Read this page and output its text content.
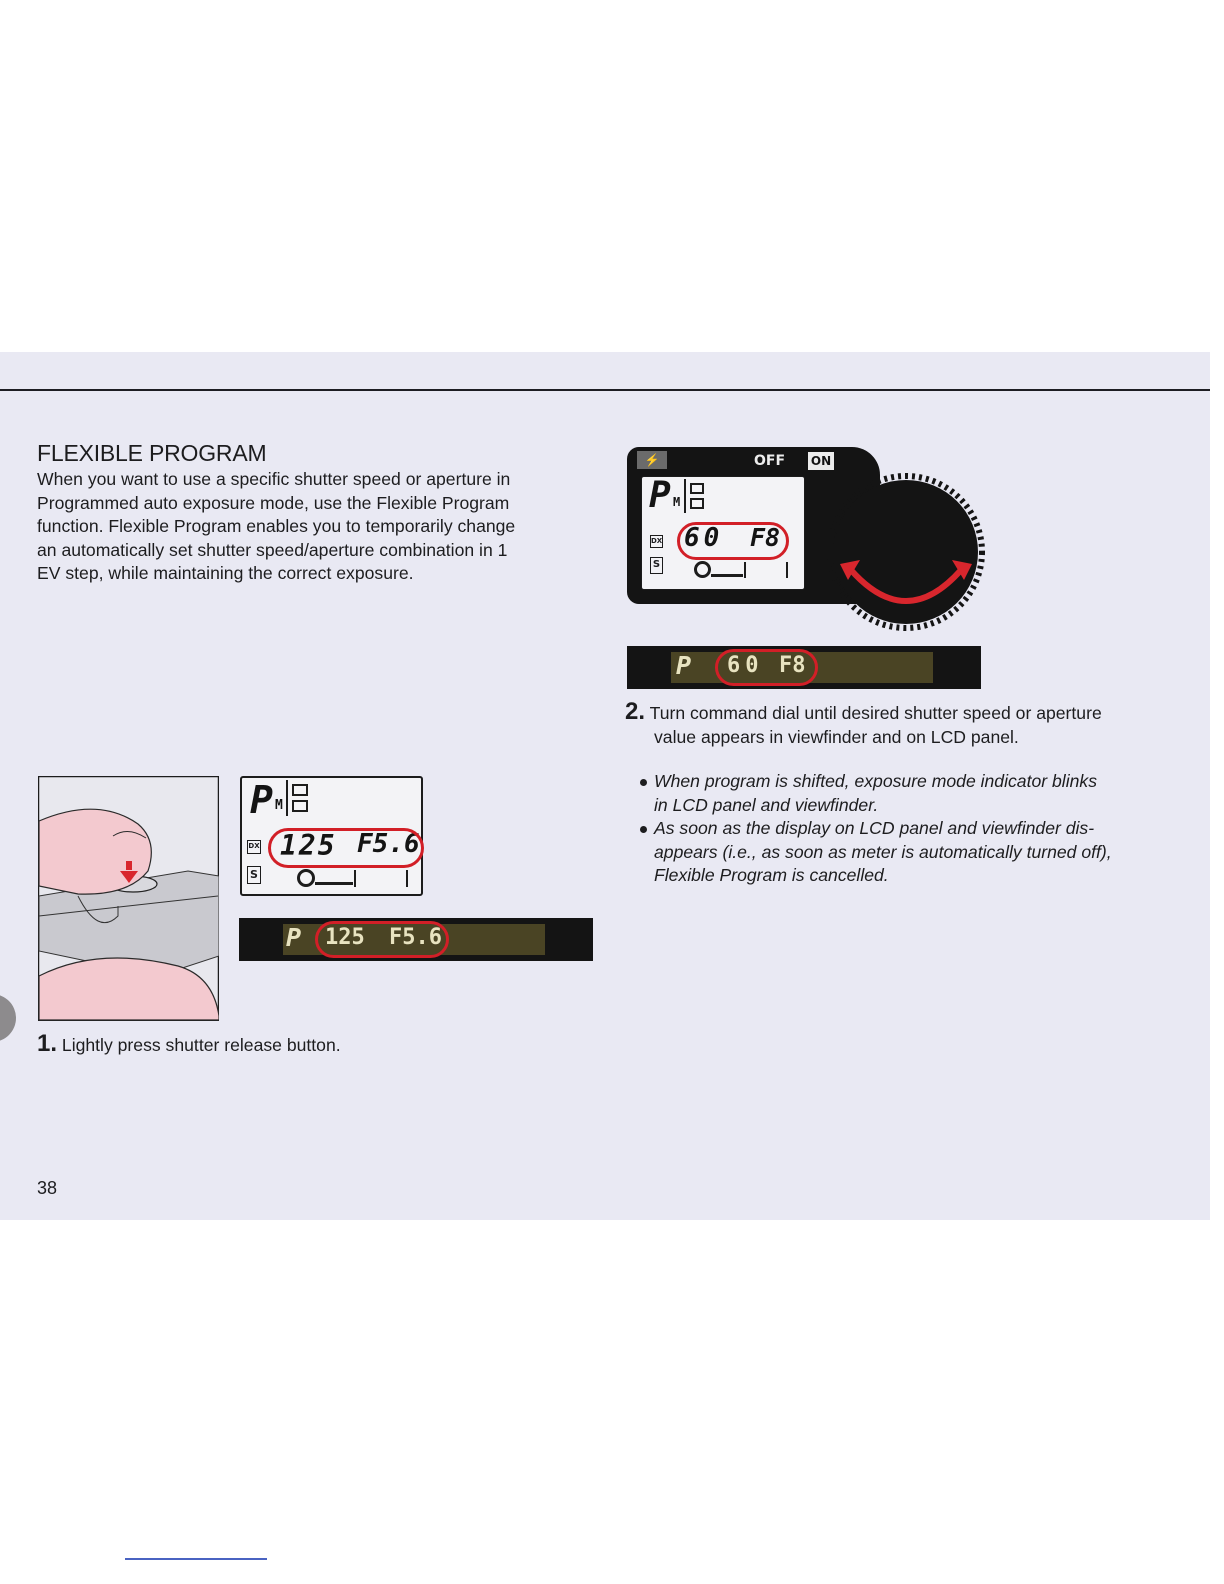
FLEXIBLE PROGRAM
When you want to use a specific shutter speed or aperture in
Programmed auto exposure mode, use the Flexible Program
function. Flexible Program enables you to temporarily change
an automatically set shutter speed/aperture combination in 1
EV step, while maintaining the correct exposure.
P M
DX
S
125 F5.6
P 125 F5.6
1. Lightly press shutter release button.
⚡	OFF ON
P M
DX
S
60 F8
P 60 F8
2. Turn command dial until desired shutter speed or aperture
value appears in viewfinder and on LCD panel.
When program is shifted, exposure mode indicator blinks
in LCD panel and viewfinder.
As soon as the display on LCD panel and viewfinder dis-
appears (i.e., as soon as meter is automatically turned off),
Flexible Program is cancelled.
38
